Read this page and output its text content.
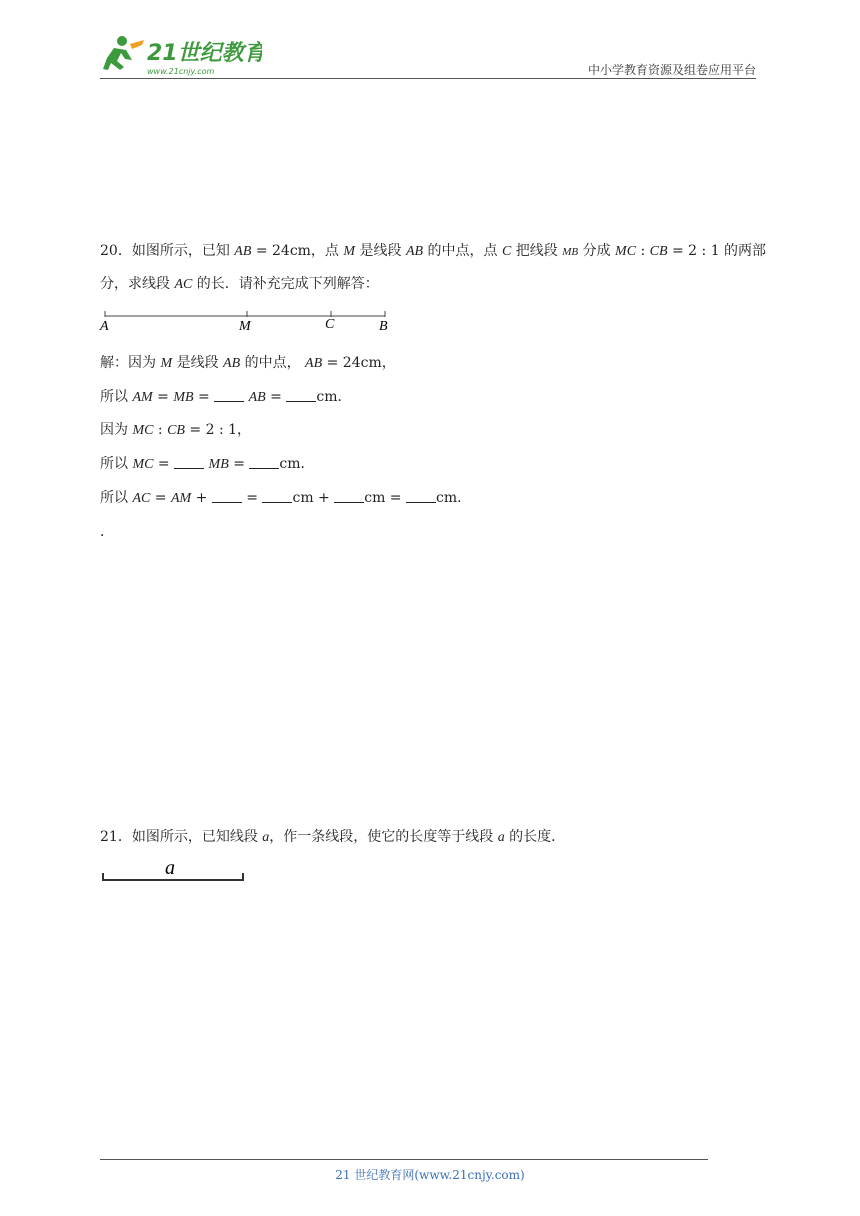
21世纪教育
www.21cnjy.com	中小学教育资源及组卷应用平台
20．如图所示，已知 AB = 24cm，点 M 是线段 AB 的中点，点 C 把线段 MB 分成 MC : CB = 2 : 1 的两部
分，求线段 AC 的长．请补充完成下列解答：
A	M	C	B
解：因为 M 是线段 AB 的中点， AB = 24cm，
所以 AM = MB =  AB = cm．
因为 MC : CB = 2 : 1，
所以 MC =  MB = cm．
所以 AC = AM +  = cm + cm = cm．
．
21．如图所示，已知线段 a，作一条线段，使它的长度等于线段 a 的长度．
a
21 世纪教育网(www.21cnjy.com)
